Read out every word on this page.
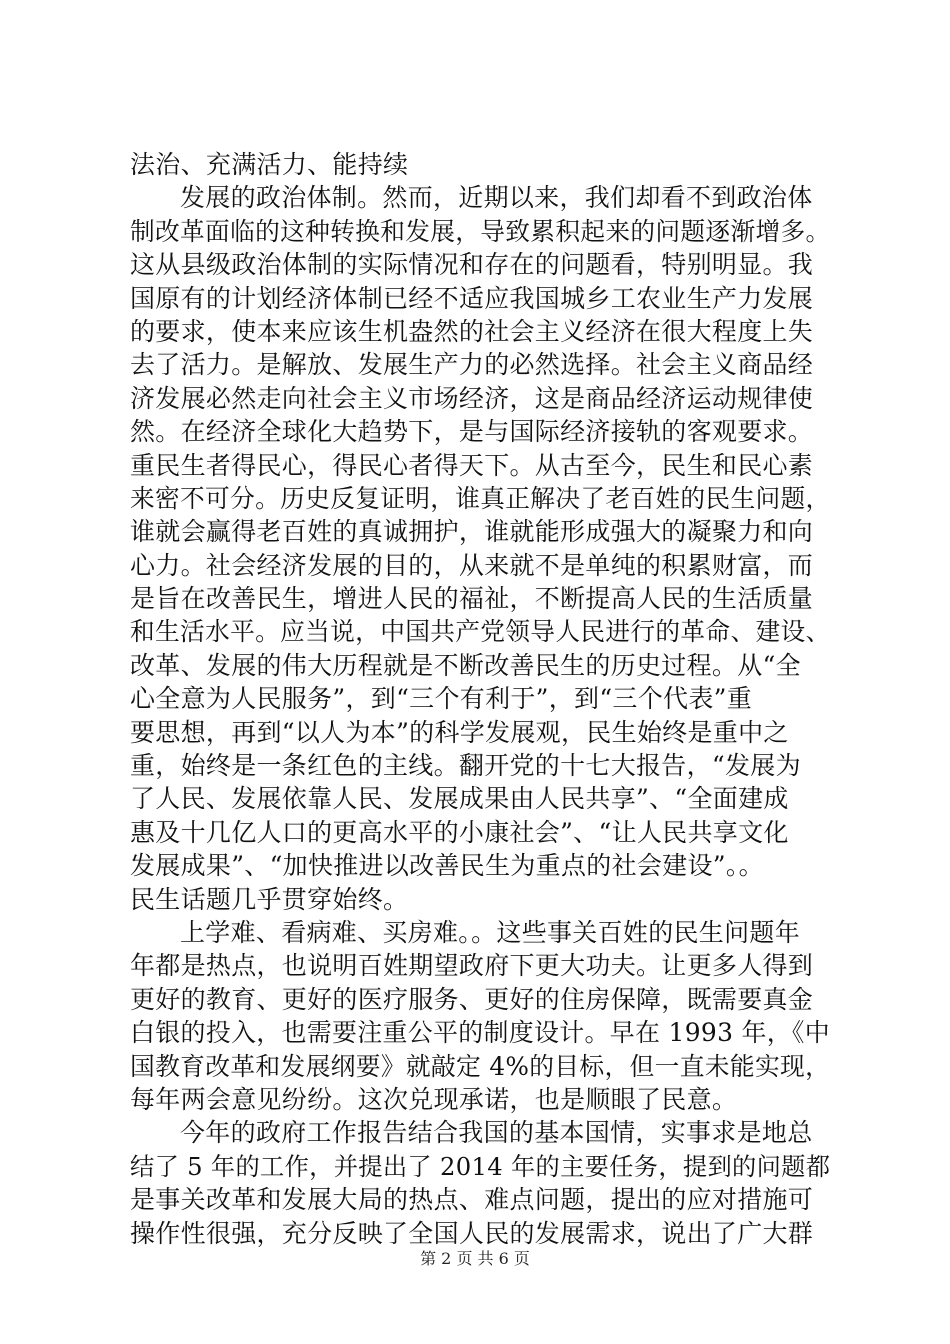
法治、充满活力、能持续
发展的政治体制。然而，近期以来，我们却看不到政治体
制改革面临的这种转换和发展，导致累积起来的问题逐渐增多。
这从县级政治体制的实际情况和存在的问题看，特别明显。我
国原有的计划经济体制已经不适应我国城乡工农业生产力发展
的要求，使本来应该生机盎然的社会主义经济在很大程度上失
去了活力。是解放、发展生产力的必然选择。社会主义商品经
济发展必然走向社会主义市场经济，这是商品经济运动规律使
然。在经济全球化大趋势下，是与国际经济接轨的客观要求。
重民生者得民心，得民心者得天下。从古至今，民生和民心素
来密不可分。历史反复证明，谁真正解决了老百姓的民生问题，
谁就会赢得老百姓的真诚拥护，谁就能形成强大的凝聚力和向
心力。社会经济发展的目的，从来就不是单纯的积累财富，而
是旨在改善民生，增进人民的福祉，不断提高人民的生活质量
和生活水平。应当说，中国共产党领导人民进行的革命、建设、
改革、发展的伟大历程就是不断改善民生的历史过程。从“全
心全意为人民服务”，到“三个有利于”，到“三个代表”重
要思想，再到“以人为本”的科学发展观，民生始终是重中之
重，始终是一条红色的主线。翻开党的十七大报告，“发展为
了人民、发展依靠人民、发展成果由人民共享”、“全面建成
惠及十几亿人口的更高水平的小康社会”、“让人民共享文化
发展成果”、“加快推进以改善民生为重点的社会建设”。。
民生话题几乎贯穿始终。
上学难、看病难、买房难。。这些事关百姓的民生问题年
年都是热点，也说明百姓期望政府下更大功夫。让更多人得到
更好的教育、更好的医疗服务、更好的住房保障，既需要真金
白银的投入，也需要注重公平的制度设计。早在 1993 年，《中
国教育改革和发展纲要》就敲定 4%的目标，但一直未能实现，
每年两会意见纷纷。这次兑现承诺，也是顺眼了民意。
今年的政府工作报告结合我国的基本国情，实事求是地总
结了 5 年的工作，并提出了 2014 年的主要任务，提到的问题都
是事关改革和发展大局的热点、难点问题，提出的应对措施可
操作性很强，充分反映了全国人民的发展需求，说出了广大群
第 2 页 共 6 页
